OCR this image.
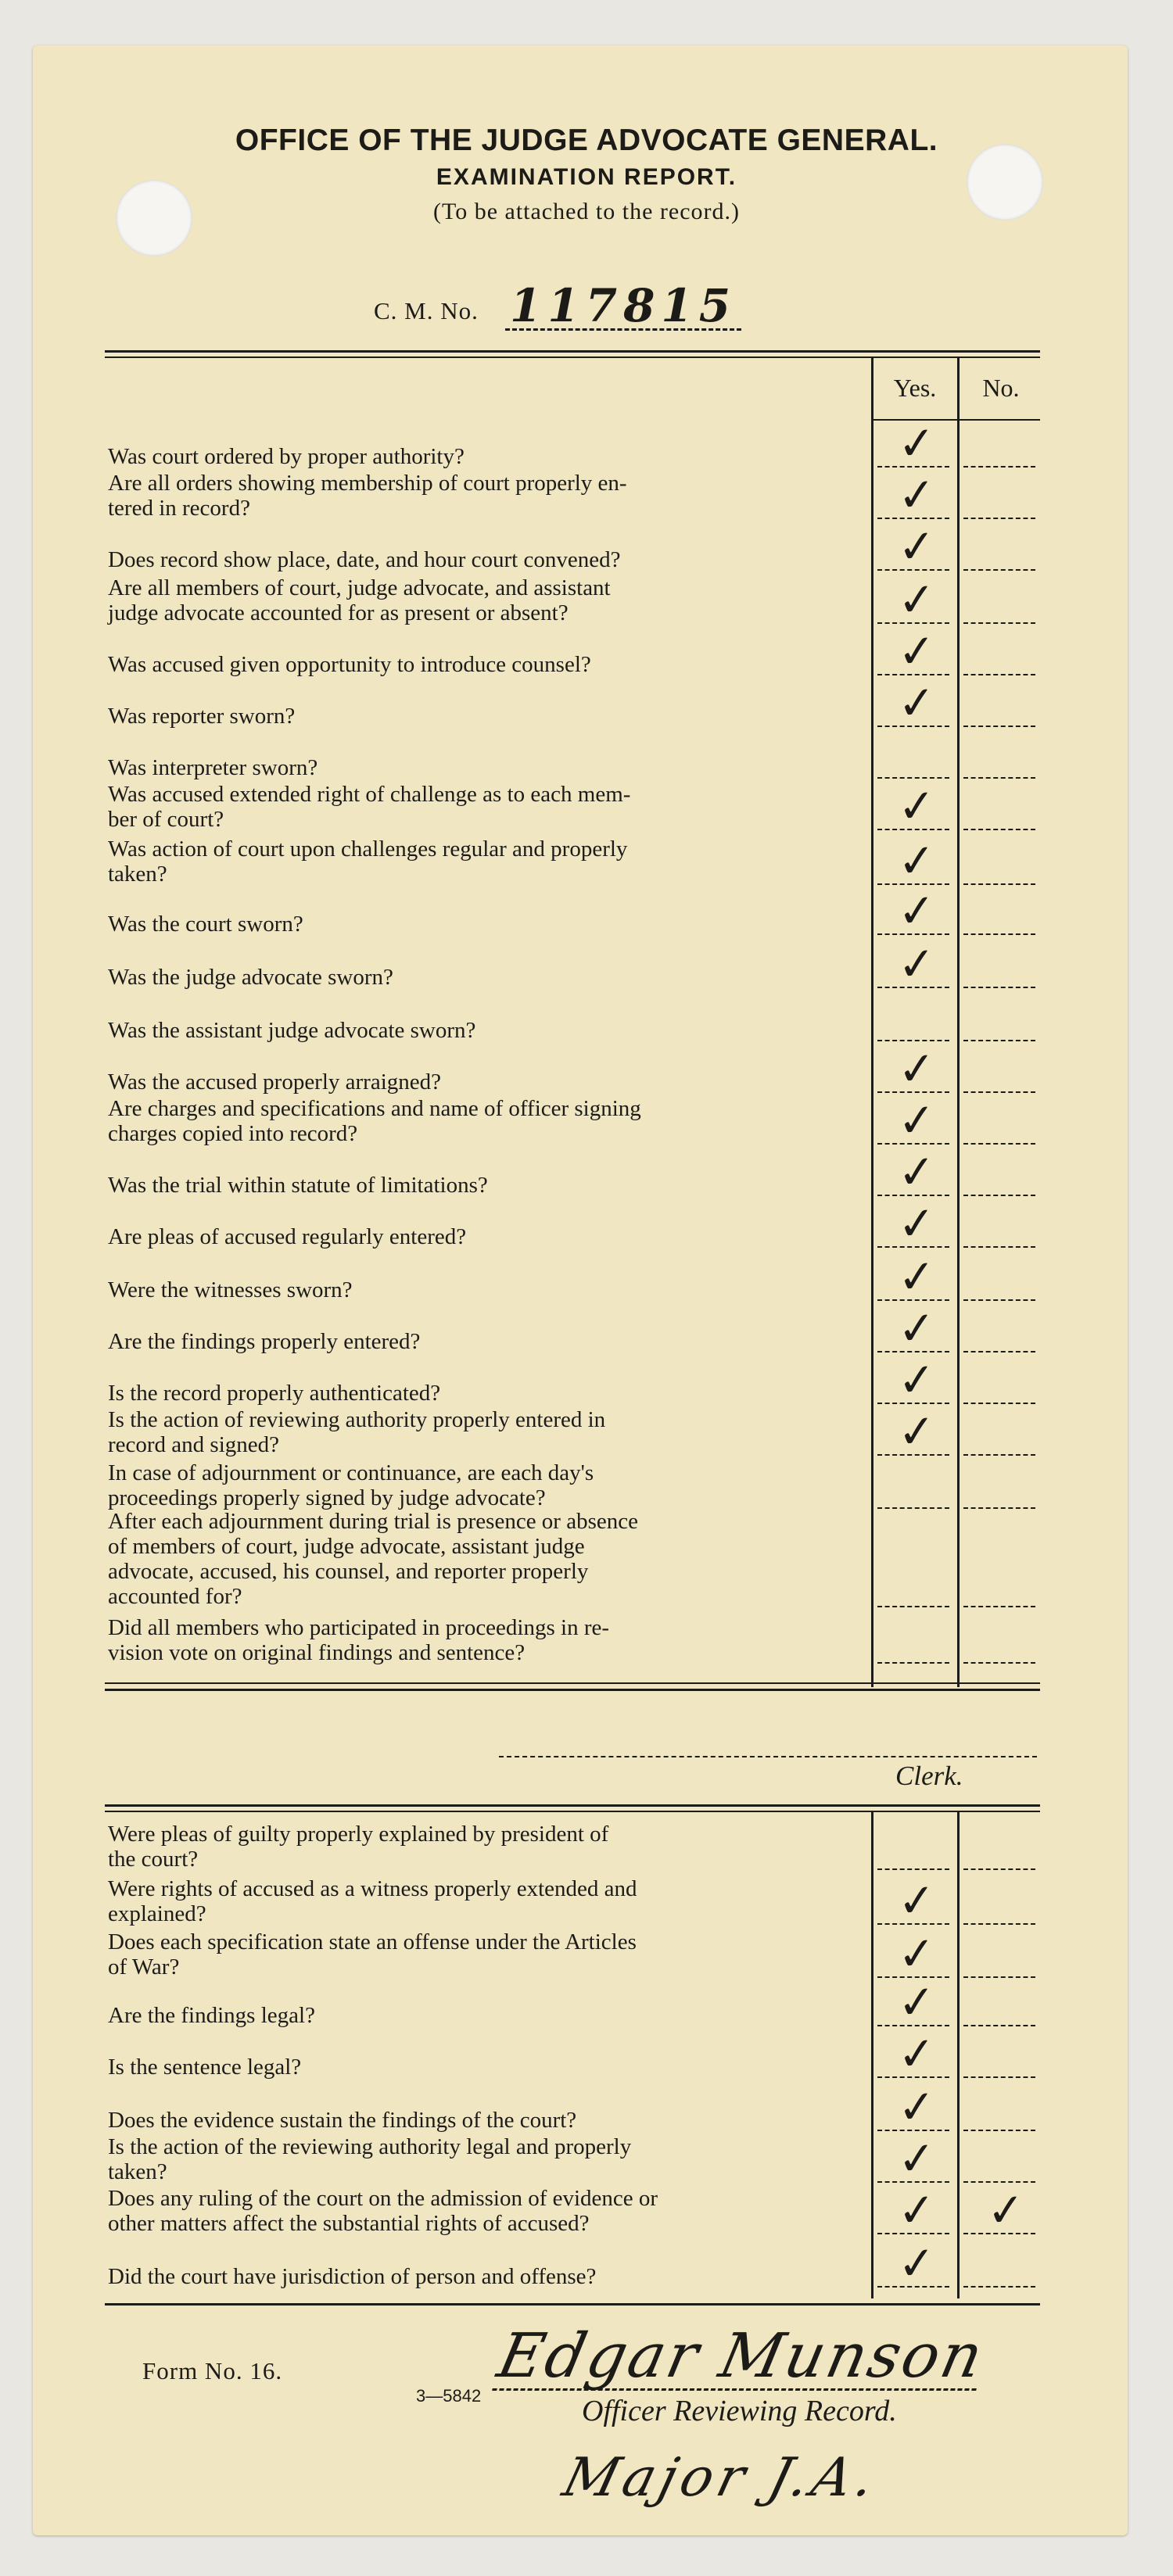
OFFICE OF THE JUDGE ADVOCATE GENERAL.
EXAMINATION REPORT.
(To be attached to the record.)
C. M. No. 117815
Yes.	No.
Was court ordered by proper authority?	✓
Are all orders showing membership of court properly en-
tered in record?	✓
Does record show place, date, and hour court convened?	✓
Are all members of court, judge advocate, and assistant
judge advocate accounted for as present or absent?	✓
Was accused given opportunity to introduce counsel?	✓
Was reporter sworn?	✓
Was interpreter sworn?
Was accused extended right of challenge as to each mem-
ber of court?	✓
Was action of court upon challenges regular and properly
taken?	✓
Was the court sworn?	✓
Was the judge advocate sworn?	✓
Was the assistant judge advocate sworn?
Was the accused properly arraigned?	✓
Are charges and specifications and name of officer signing
charges copied into record?	✓
Was the trial within statute of limitations?	✓
Are pleas of accused regularly entered?	✓
Were the witnesses sworn?	✓
Are the findings properly entered?	✓
Is the record properly authenticated?	✓
Is the action of reviewing authority properly entered in
record and signed?	✓
In case of adjournment or continuance, are each day's
proceedings properly signed by judge advocate?
After each adjournment during trial is presence or absence
of members of court, judge advocate, assistant judge
advocate, accused, his counsel, and reporter properly
accounted for?
Did all members who participated in proceedings in re-
vision vote on original findings and sentence?
Clerk.
Were pleas of guilty properly explained by president of
the court?
Were rights of accused as a witness properly extended and
explained?	✓
Does each specification state an offense under the Articles
of War?	✓
Are the findings legal?	✓
Is the sentence legal?	✓
Does the evidence sustain the findings of the court?	✓
Is the action of the reviewing authority legal and properly
taken?	✓
Does any ruling of the court on the admission of evidence or
other matters affect the substantial rights of accused?	✓ ✓
Did the court have jurisdiction of person and offense?	✓
Form No. 16.
3—5842
Edgar Munson
Officer Reviewing Record.
Major J.A.
